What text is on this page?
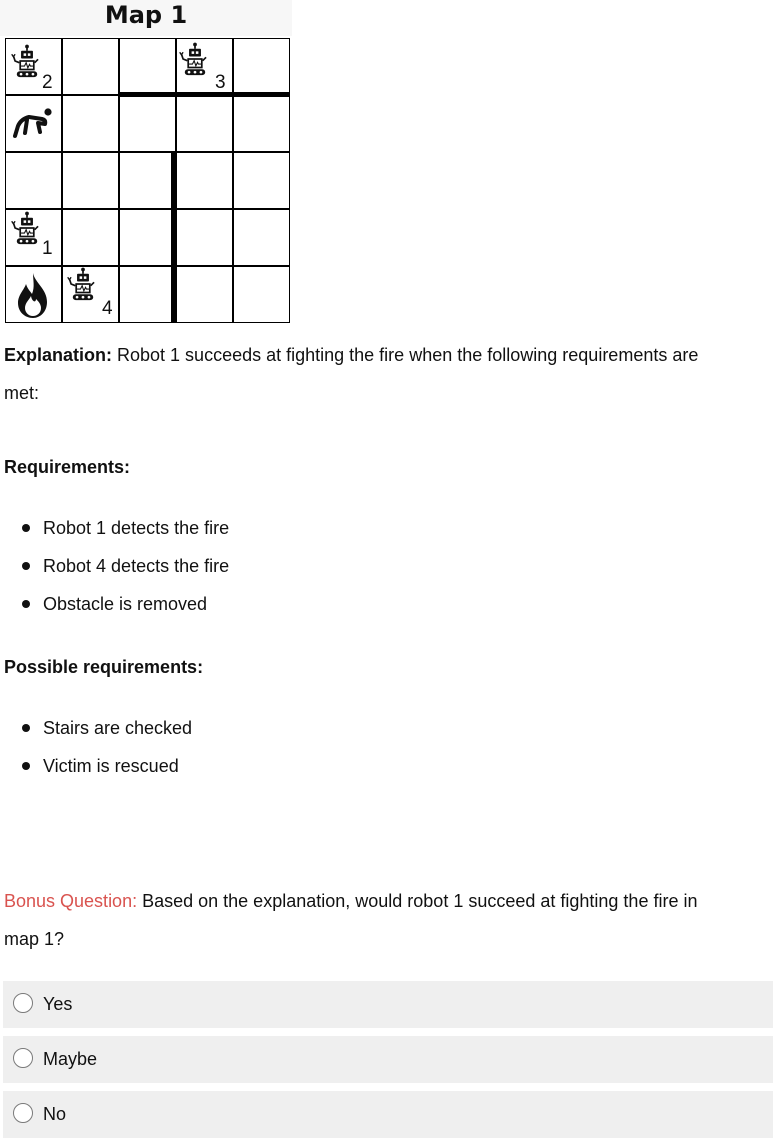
Map 1
2	3
1
4
Explanation: Robot 1 succeeds at fighting the fire when the following requirements are
met:
Requirements:
Robot 1 detects the fire
Robot 4 detects the fire
Obstacle is removed
Possible requirements:
Stairs are checked
Victim is rescued
Bonus Question: Based on the explanation, would robot 1 succeed at fighting the fire in
map 1?
Yes
Maybe
No
